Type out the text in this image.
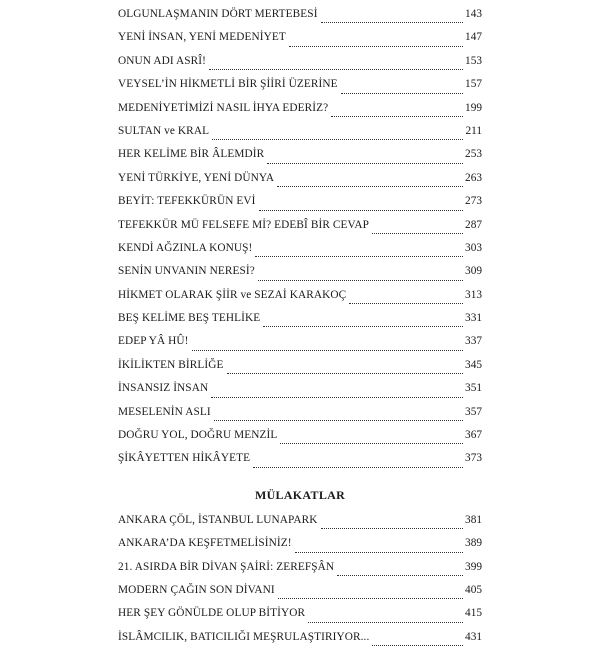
OLGUNLAŞMANIN DÖRT MERTEBESİ	143
YENİ İNSAN, YENİ MEDENİYET	147
ONUN ADI ASRÎ!	153
VEYSEL’İN HİKMETLİ BİR ŞİİRİ ÜZERİNE	157
MEDENİYETİMİZİ NASIL İHYA EDERİZ?	199
SULTAN ve KRAL	211
HER KELİME BİR ÂLEMDİR	253
YENİ TÜRKİYE, YENİ DÜNYA	263
BEYİT: TEFEKKÜRÜN EVİ	273
TEFEKKÜR MÜ FELSEFE Mİ? EDEBÎ BİR CEVAP	287
KENDİ AĞZINLA KONUŞ!	303
SENİN UNVANIN NERESİ?	309
HİKMET OLARAK ŞİİR ve SEZAİ KARAKOÇ	313
BEŞ KELİME BEŞ TEHLİKE	331
EDEP YÂ HÛ!	337
İKİLİKTEN BİRLİĞE	345
İNSANSIZ İNSAN	351
MESELENİN ASLI	357
DOĞRU YOL, DOĞRU MENZİL	367
ŞİKÂYETTEN HİKÂYETE	373
MÜLAKATLAR
ANKARA ÇÖL, İSTANBUL LUNAPARK	381
ANKARA’DA KEŞFETMELİSİNİZ!	389
21. ASIRDA BİR DİVAN ŞAİRİ: ZEREFŞÂN	399
MODERN ÇAĞIN SON DİVANI	405
HER ŞEY GÖNÜLDE OLUP BİTİYOR	415
İSLÂMCILIK, BATICILIĞI MEŞRULAŞTIRIYOR...	431
